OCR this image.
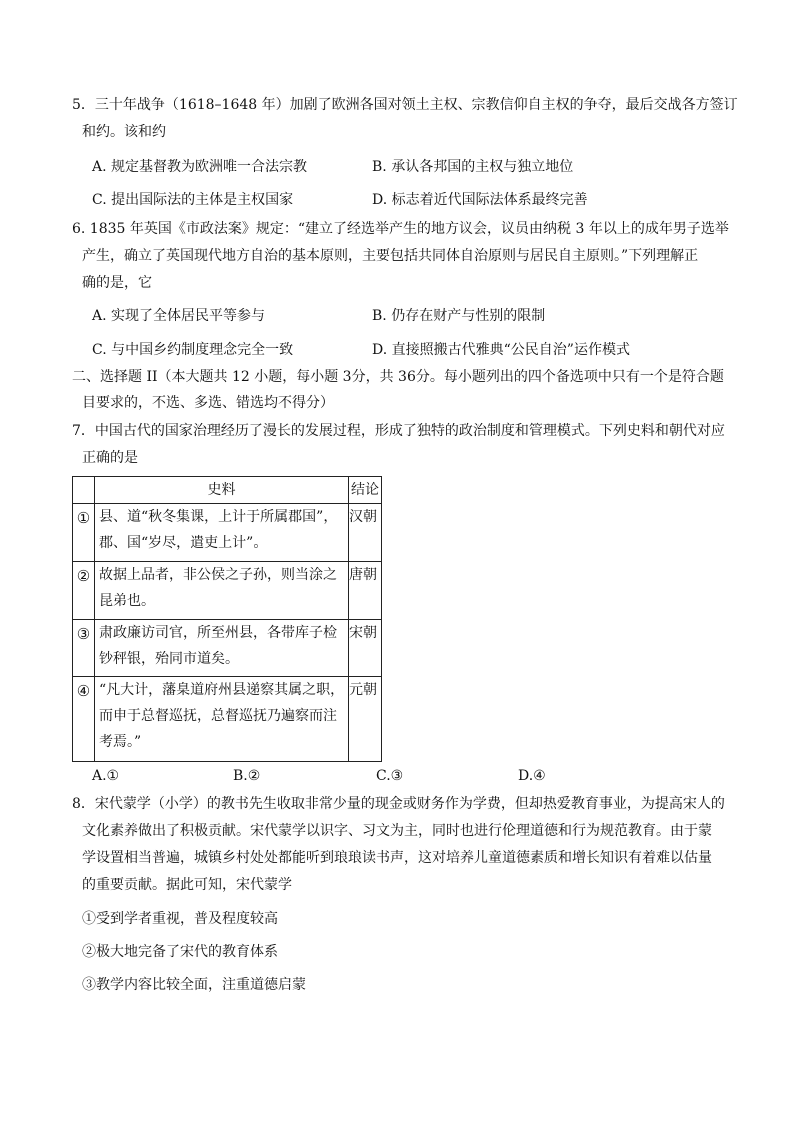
5．三十年战争（1618–1648 年）加剧了欧洲各国对领土主权、宗教信仰自主权的争夺，最后交战各方签订
和约。该和约
A. 规定基督教为欧洲唯一合法宗教	B. 承认各邦国的主权与独立地位
C. 提出国际法的主体是主权国家	D. 标志着近代国际法体系最终完善
6. 1835 年英国《市政法案》规定：“建立了经选举产生的地方议会，议员由纳税 3 年以上的成年男子选举
产生，确立了英国现代地方自治的基本原则，主要包括共同体自治原则与居民自主原则。”下列理解正
确的是，它
A. 实现了全体居民平等参与	B. 仍存在财产与性别的限制
C. 与中国乡约制度理念完全一致	D. 直接照搬古代雅典“公民自治”运作模式
二、选择题 II（本大题共 12 小题，每小题 3分，共 36分。每小题列出的四个备选项中只有一个是符合题
目要求的，不选、多选、错选均不得分）
7．中国古代的国家治理经历了漫长的发展过程，形成了独特的政治制度和管理模式。下列史料和朝代对应
正确的是
	史料	结论

①	县、道“秋冬集课，上计于所属郡国”，
郡、国“岁尽，遣吏上计”。	汉朝

②	故据上品者，非公侯之子孙，则当涂之
昆弟也。	唐朝

③	肃政廉访司官，所至州县，各带库子检
钞秤银，殆同市道矣。	宋朝

④	“凡大计，藩臬道府州县递察其属之职，
而申于总督巡抚，总督巡抚乃遍察而注
考焉。”	元朝
A.①	B.②	C.③	D.④
8．宋代蒙学（小学）的教书先生收取非常少量的现金或财务作为学费，但却热爱教育事业，为提高宋人的
文化素养做出了积极贡献。宋代蒙学以识字、习文为主，同时也进行伦理道德和行为规范教育。由于蒙
学设置相当普遍，城镇乡村处处都能听到琅琅读书声，这对培养儿童道德素质和增长知识有着难以估量
的重要贡献。据此可知，宋代蒙学
①受到学者重视，普及程度较高
②极大地完备了宋代的教育体系
③教学内容比较全面，注重道德启蒙
